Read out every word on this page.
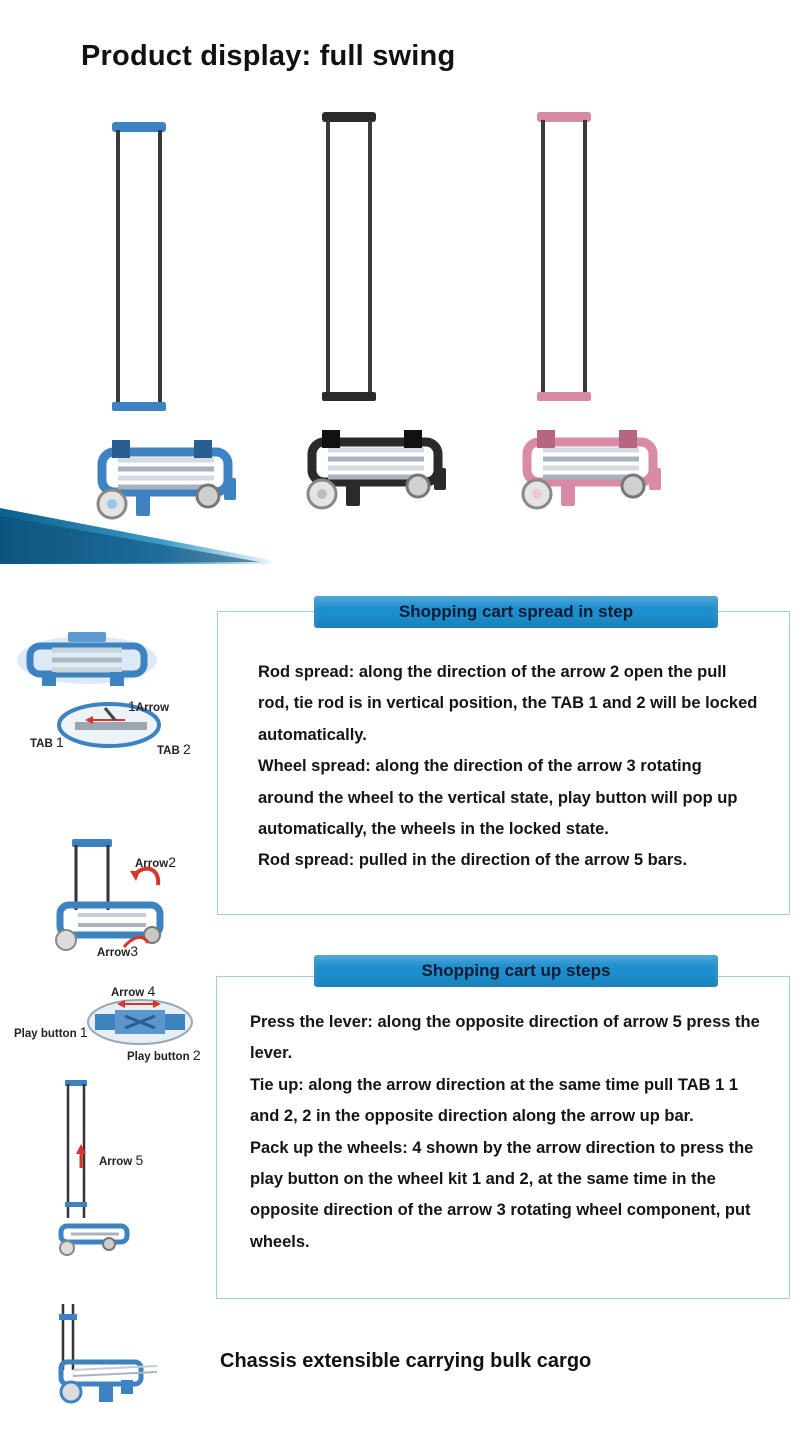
Product display: full swing
Shopping cart spread in step
Rod spread: along the direction of the arrow 2 open the pull rod, tie rod is in vertical position, the TAB 1 and 2 will be locked automatically.
Wheel spread: along the direction of the arrow 3 rotating around the wheel to the vertical state, play button will pop up automatically, the wheels in the locked state.
Rod spread: pulled in the direction of the arrow 5 bars.
1Arrow
TAB 1
TAB 2
Arrow2
Arrow3
Shopping cart up steps
Press the lever: along the opposite direction of arrow 5 press the lever.
Tie up: along the arrow direction at the same time pull TAB 1 1 and 2, 2 in the opposite direction along the arrow up bar.
Pack up the wheels: 4 shown by the arrow direction to press the play button on the wheel kit 1 and 2, at the same time in the opposite direction of the arrow 3 rotating wheel component, put wheels.
Arrow 4
Play button 1
Play button 2
Arrow 5
Chassis extensible carrying bulk cargo
